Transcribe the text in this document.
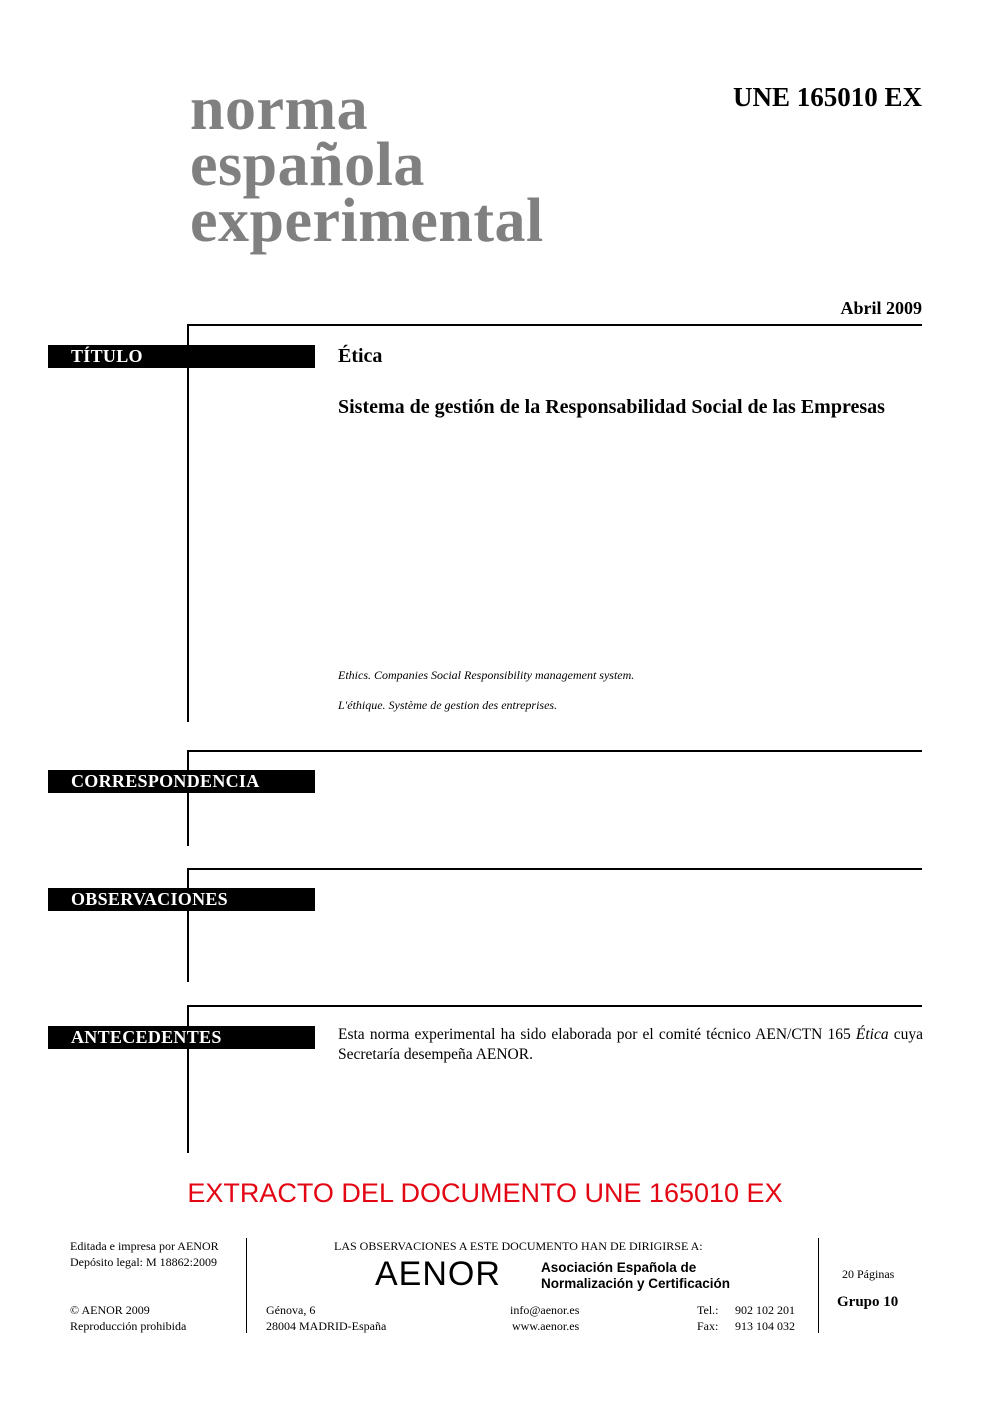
norma
española
experimental
UNE 165010 EX
Abril 2009
TÍTULO	Ética
Sistema de gestión de la Responsabilidad Social de las Empresas
Ethics. Companies Social Responsibility management system.
L'éthique. Système de gestion des entreprises.
CORRESPONDENCIA
OBSERVACIONES
ANTECEDENTES	Esta norma experimental ha sido elaborada por el comité técnico AEN/CTN 165 Ética cuya Secretaría desempeña AENOR.
EXTRACTO DEL DOCUMENTO UNE 165010 EX
Editada e impresa por AENOR
Depósito legal: M 18862:2009
© AENOR 2009
Reproducción prohibida
LAS OBSERVACIONES A ESTE DOCUMENTO HAN DE DIRIGIRSE A:
AENOR	Asociación Española de
Normalización y Certificación
Génova, 6
28004 MADRID-España
info@aenor.es
www.aenor.es
Tel.: 902 102 201
Fax: 913 104 032
20 Páginas
Grupo 10
